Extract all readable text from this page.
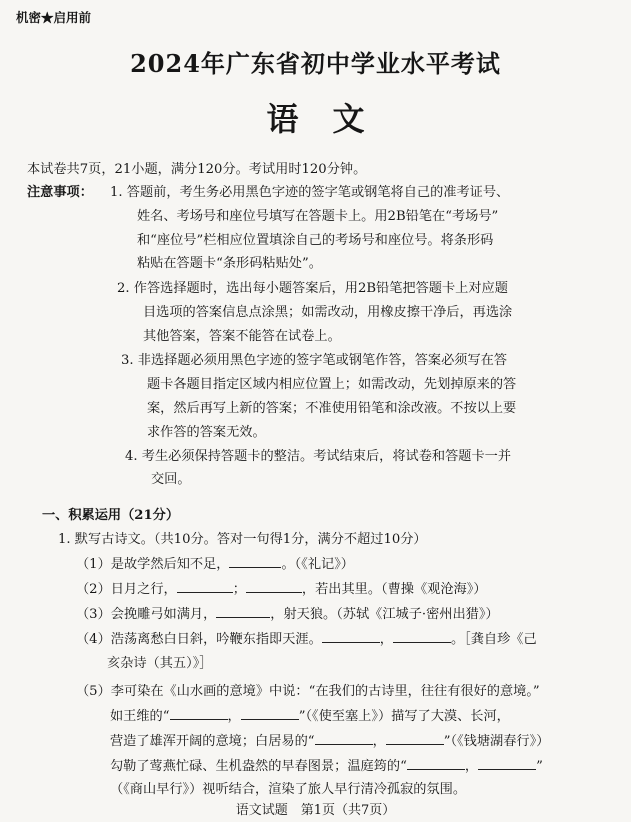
机密★启用前
2024年广东省初中学业水平考试
语文
本试卷共7页，21小题，满分120分。考试用时120分钟。
注意事项： 1. 答题前，考生务必用黑色字迹的签字笔或钢笔将自己的准考证号、
姓名、考场号和座位号填写在答题卡上。用2B铅笔在“考场号”
和“座位号”栏相应位置填涂自己的考场号和座位号。将条形码
粘贴在答题卡“条形码粘贴处”。
2. 作答选择题时，选出每小题答案后，用2B铅笔把答题卡上对应题
目选项的答案信息点涂黑；如需改动，用橡皮擦干净后，再选涂
其他答案，答案不能答在试卷上。
3. 非选择题必须用黑色字迹的签字笔或钢笔作答，答案必须写在答
题卡各题目指定区域内相应位置上；如需改动，先划掉原来的答
案，然后再写上新的答案；不准使用铅笔和涂改液。不按以上要
求作答的答案无效。
4. 考生必须保持答题卡的整洁。考试结束后，将试卷和答题卡一并
交回。
一、积累运用（21分）
1. 默写古诗文。（共10分。答对一句得1分，满分不超过10分）
（1）是故学然后知不足，	。（《礼记》）
（2）日月之行，	；	，若出其里。（曹操《观沧海》）
（3）会挽雕弓如满月，	，射天狼。（苏轼《江城子·密州出猎》）
（4）浩荡离愁白日斜，吟鞭东指即天涯。	，	。［龚自珍《己
亥杂诗（其五）》］
（5）李可染在《山水画的意境》中说：“在我们的古诗里，往往有很好的意境。”
如王维的“	，	”（《使至塞上》）描写了大漠、长河，
营造了雄浑开阔的意境；白居易的“	，	”（《钱塘湖春行》）
勾勒了莺燕忙碌、生机盎然的早春图景；温庭筠的“	，	”
（《商山早行》）视听结合，渲染了旅人早行清冷孤寂的氛围。
语文试题　第1页（共7页）
